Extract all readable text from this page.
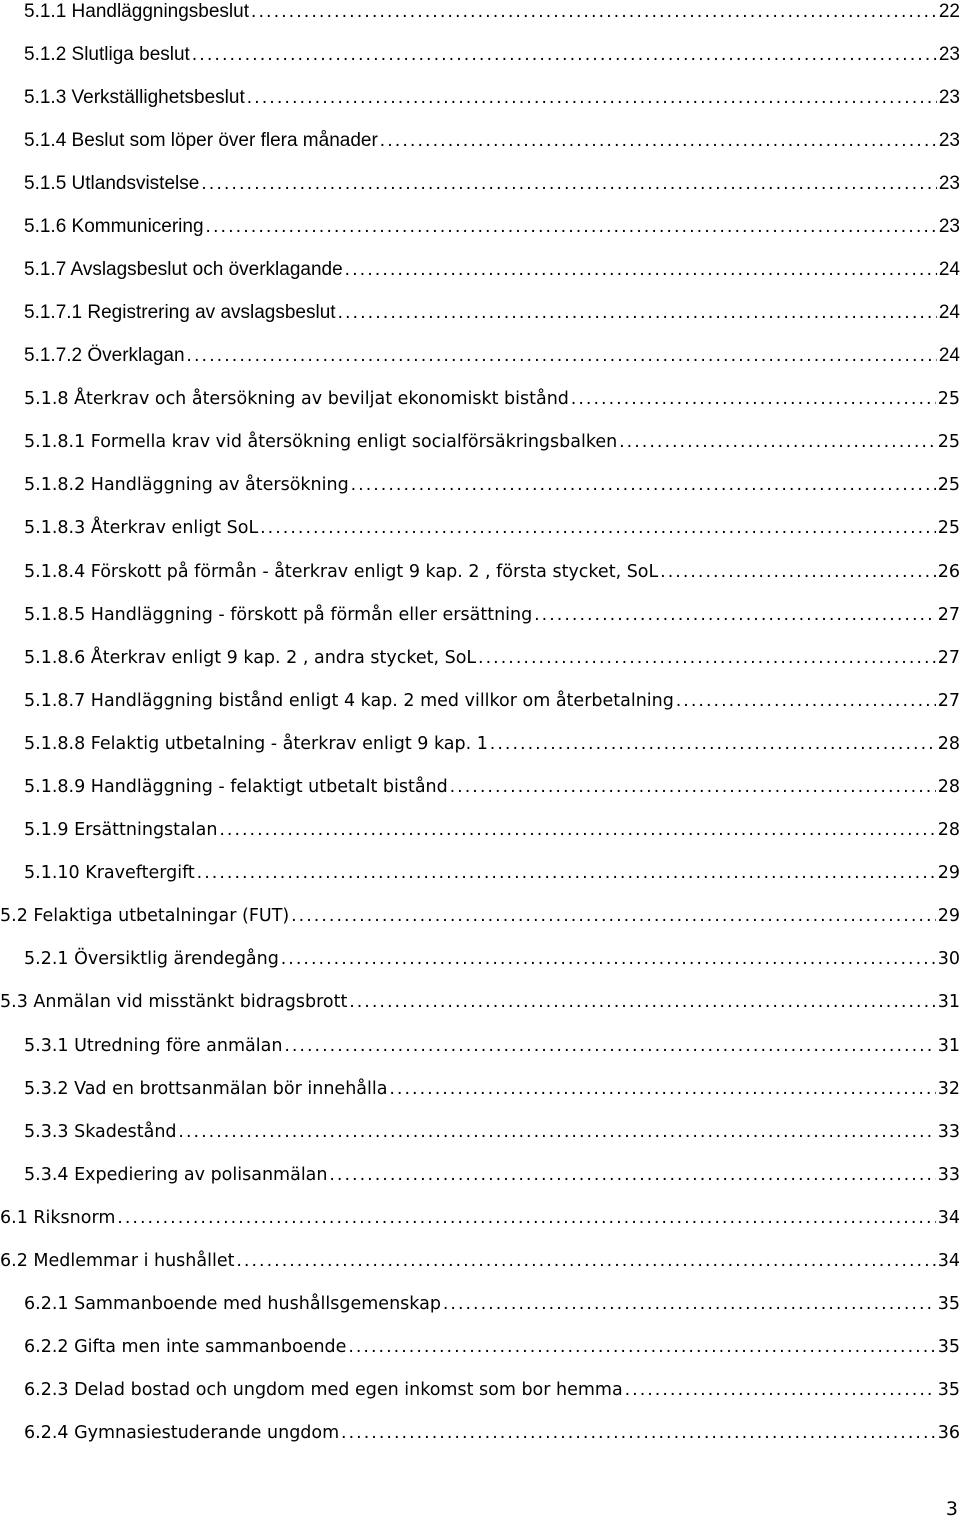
5.1.1 Handläggningsbeslut . . .	22
5.1.2 Slutliga beslut . . .	23
5.1.3 Verkställighetsbeslut . . .	23
5.1.4 Beslut som löper över flera månader . . .	23
5.1.5 Utlandsvistelse . . .	23
5.1.6 Kommunicering . . .	23
5.1.7 Avslagsbeslut och överklagande . . .	24
5.1.7.1 Registrering av avslagsbeslut . . .	24
5.1.7.2 Överklagan . . .	24
5.1.8 Återkrav och återsökning av beviljat ekonomiskt bistånd . . .	25
5.1.8.1 Formella krav vid återsökning enligt socialförsäkringsbalken . . .	25
5.1.8.2 Handläggning av återsökning . . .	25
5.1.8.3 Återkrav enligt SoL . . .	25
5.1.8.4 Förskott på förmån - återkrav enligt 9 kap. 2 , första stycket, SoL . . .	26
5.1.8.5 Handläggning - förskott på förmån eller ersättning . . .	27
5.1.8.6 Återkrav enligt 9 kap. 2 , andra stycket, SoL . . .	27
5.1.8.7 Handläggning bistånd enligt 4 kap. 2 med villkor om återbetalning . . .	27
5.1.8.8 Felaktig utbetalning - återkrav enligt 9 kap. 1 . . .	28
5.1.8.9 Handläggning - felaktigt utbetalt bistånd . . .	28
5.1.9 Ersättningstalan . . .	28
5.1.10 Kraveftergift . . .	29
5.2 Felaktiga utbetalningar (FUT) . . .	29
5.2.1 Översiktlig ärendegång . . .	30
5.3 Anmälan vid misstänkt bidragsbrott . . .	31
5.3.1 Utredning före anmälan . . .	31
5.3.2 Vad en brottsanmälan bör innehålla . . .	32
5.3.3 Skadestånd . . .	33
5.3.4 Expediering av polisanmälan . . .	33
6.1 Riksnorm . . .	34
6.2 Medlemmar i hushållet . . .	34
6.2.1 Sammanboende med hushållsgemenskap . . .	35
6.2.2 Gifta men inte sammanboende . . .	35
6.2.3 Delad bostad och ungdom med egen inkomst som bor hemma . . .	35
6.2.4 Gymnasiestuderande ungdom . . .	36
3
